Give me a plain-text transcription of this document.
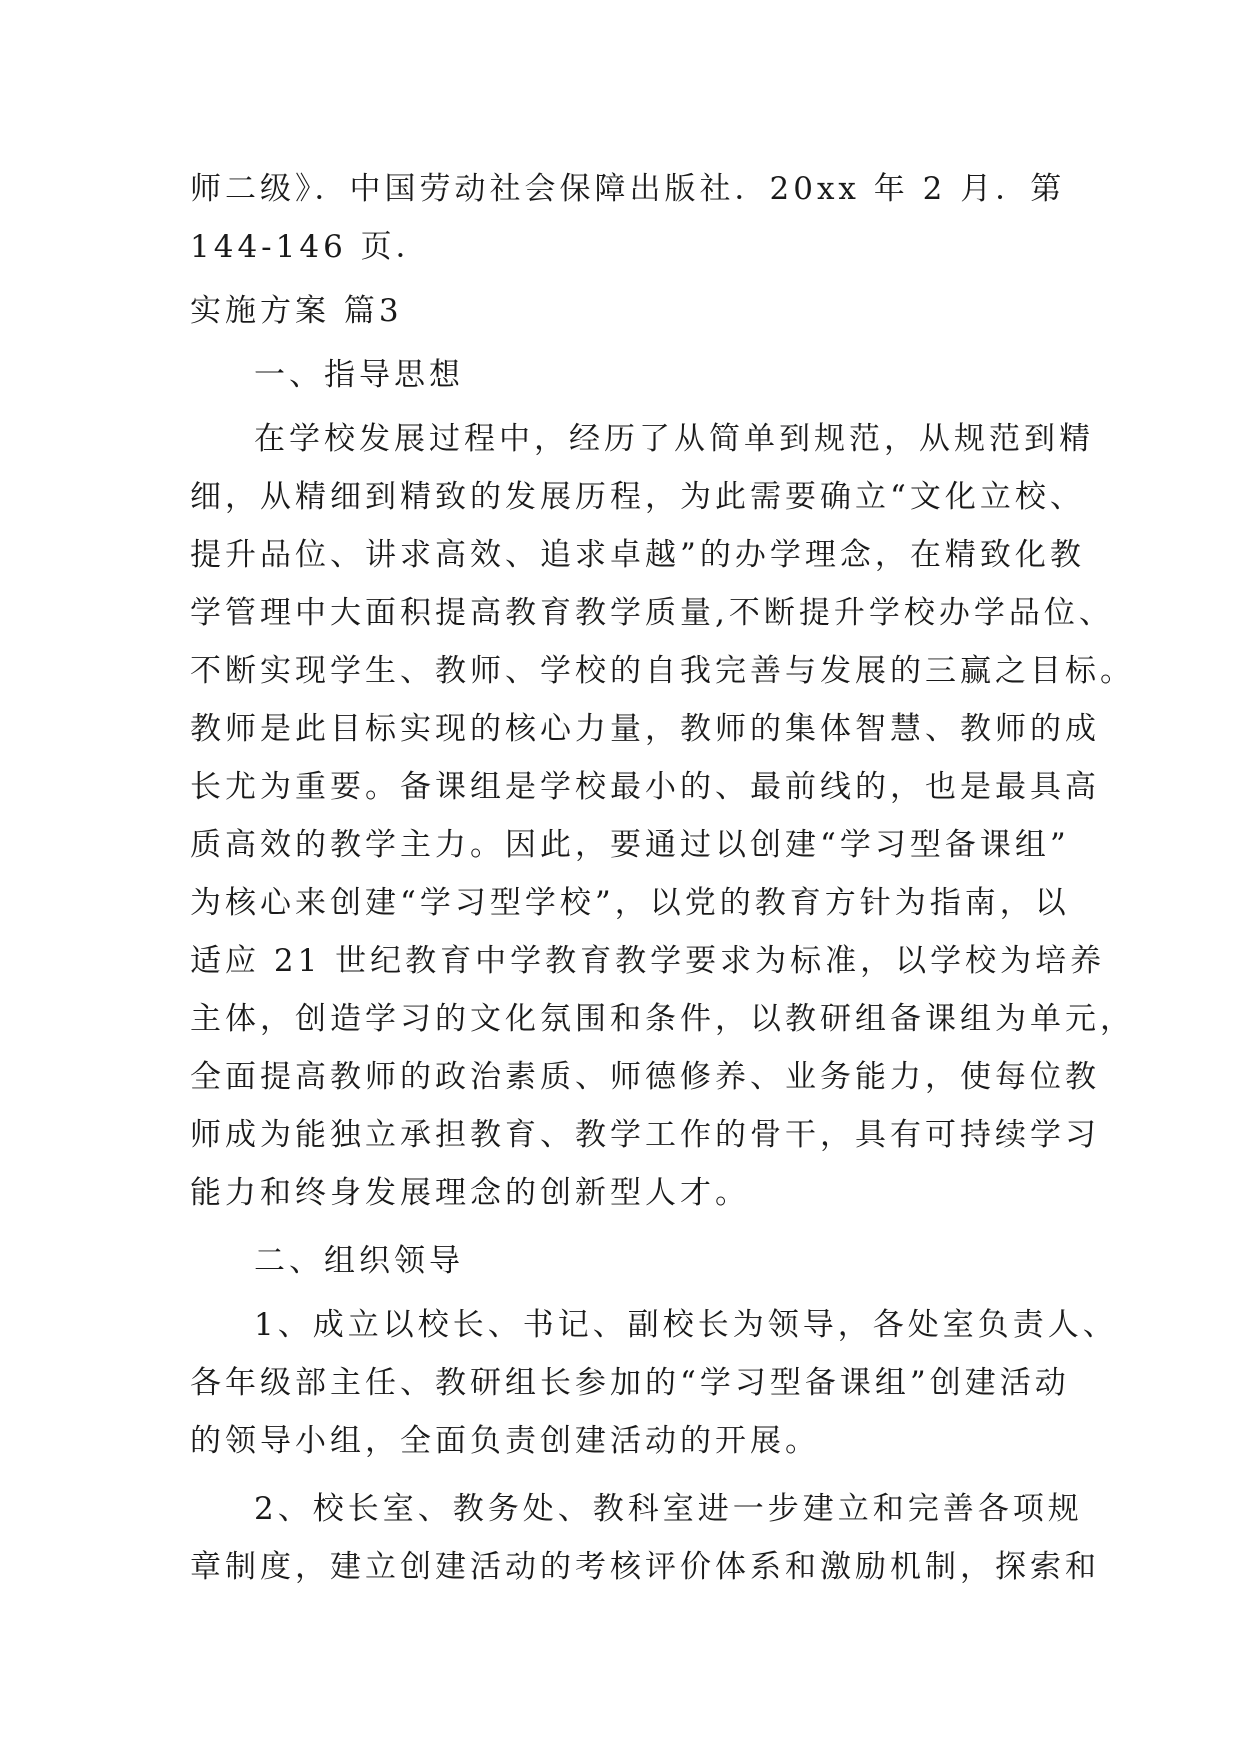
师二级》．中国劳动社会保障出版社．20xx 年 2 月．第
144-146 页．
实施方案 篇3
一、指导思想
在学校发展过程中，经历了从简单到规范，从规范到精
细，从精细到精致的发展历程，为此需要确立“文化立校、
提升品位、讲求高效、追求卓越”的办学理念，在精致化教
学管理中大面积提高教育教学质量,不断提升学校办学品位、
不断实现学生、教师、学校的自我完善与发展的三赢之目标。
教师是此目标实现的核心力量，教师的集体智慧、教师的成
长尤为重要。备课组是学校最小的、最前线的，也是最具高
质高效的教学主力。因此，要通过以创建“学习型备课组”
为核心来创建“学习型学校”，以党的教育方针为指南，以
适应 21 世纪教育中学教育教学要求为标准，以学校为培养
主体，创造学习的文化氛围和条件，以教研组备课组为单元，
全面提高教师的政治素质、师德修养、业务能力，使每位教
师成为能独立承担教育、教学工作的骨干，具有可持续学习
能力和终身发展理念的创新型人才。
二、组织领导
1、成立以校长、书记、副校长为领导，各处室负责人、
各年级部主任、教研组长参加的“学习型备课组”创建活动
的领导小组，全面负责创建活动的开展。
2、校长室、教务处、教科室进一步建立和完善各项规
章制度，建立创建活动的考核评价体系和激励机制，探索和
